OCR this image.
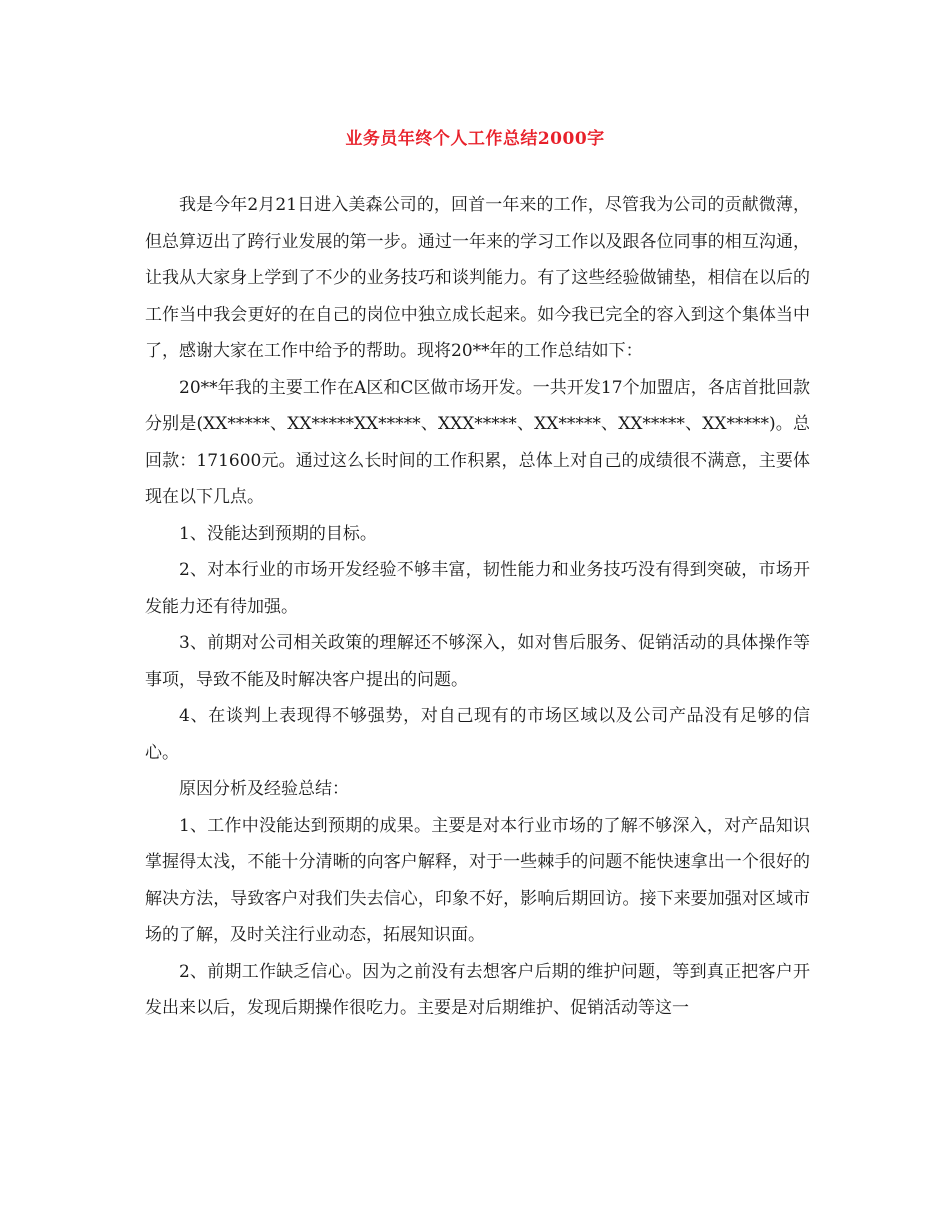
业务员年终个人工作总结2000字

我是今年2月21日进入美森公司的，回首一年来的工作，尽管我为公司的贡献微薄，但总算迈出了跨行业发展的第一步。通过一年来的学习工作以及跟各位同事的相互沟通，让我从大家身上学到了不少的业务技巧和谈判能力。有了这些经验做铺垫，相信在以后的工作当中我会更好的在自己的岗位中独立成长起来。如今我已完全的容入到这个集体当中了，感谢大家在工作中给予的帮助。现将20**年的工作总结如下：

20**年我的主要工作在A区和C区做市场开发。一共开发17个加盟店，各店首批回款分别是(XX*****、XX*****XX*****、XXX*****、XX*****、XX*****、XX*****)。总回款：171600元。通过这么长时间的工作积累，总体上对自己的成绩很不满意，主要体现在以下几点。

1、没能达到预期的目标。

2、对本行业的市场开发经验不够丰富，韧性能力和业务技巧没有得到突破，市场开发能力还有待加强。

3、前期对公司相关政策的理解还不够深入，如对售后服务、促销活动的具体操作等事项，导致不能及时解决客户提出的问题。

4、在谈判上表现得不够强势，对自己现有的市场区域以及公司产品没有足够的信心。

原因分析及经验总结：

1、工作中没能达到预期的成果。主要是对本行业市场的了解不够深入，对产品知识掌握得太浅，不能十分清晰的向客户解释，对于一些棘手的问题不能快速拿出一个很好的解决方法，导致客户对我们失去信心，印象不好，影响后期回访。接下来要加强对区域市场的了解，及时关注行业动态，拓展知识面。

2、前期工作缺乏信心。因为之前没有去想客户后期的维护问题，等到真正把客户开发出来以后，发现后期操作很吃力。主要是对后期维护、促销活动等这一
